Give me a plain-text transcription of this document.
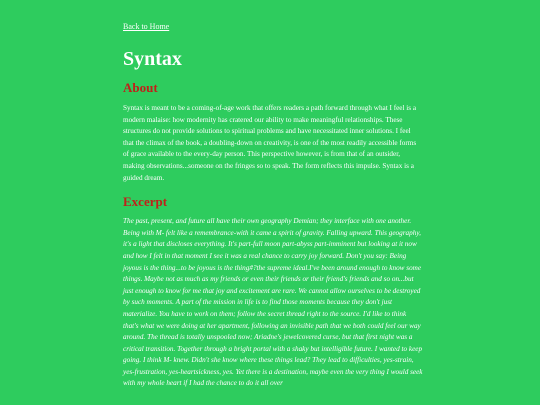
Back to Home
Syntax
About

Syntax is meant to be a coming-of-age work that offers readers a path forward through what I feel is a modern malaise: how modernity has cratered our ability to make meaningful relationships. These structures do not provide solutions to spiritual problems and have necessitated inner solutions. I feel that the climax of the book, a doubling-down on creativity, is one of the most readily accessible forms of grace available to the every-day person. This perspective however, is from that of an outsider, making observations...someone on the fringes so to speak. The form reflects this impulse. Syntax is a guided dream.

Excerpt

The past, present, and future all have their own geography Demian; they interface with one another. Being with M- felt like a remembrance-with it came a spirit of gravity. Falling upward. This geography, it's a light that discloses everything. It's part-full moon part-abyss part-imminent but looking at it now and how I felt in that moment I see it was a real chance to carry joy forward. Don't you say: Being joyous is the thing...to be joyous is the thing#?the supreme ideal.I've been around enough to know some things. Maybe not as much as my friends or even their friends or their friend's friends and so on...but just enough to know for me that joy and excitement are rare. We cannot allow ourselves to be destroyed by such moments. A part of the mission in life is to find those moments because they don't just materialize. You have to work on them; follow the secret thread right to the source. I'd like to think that's what we were doing at her apartment, following an invisible path that we both could feel our way around. The thread is totally unspooled now; Ariadne's jewelcovered curse, but that first night was a critical transition. Together through a bright portal with a shaky but intelligible future. I wanted to keep going. I think M- knew. Didn't she know where these things lead? They lead to difficulties, yes-strain, yes-frustration, yes-heartsickness, yes. Yet there is a destination, maybe even the very thing I would seek with my whole heart if I had the chance to do it all over
